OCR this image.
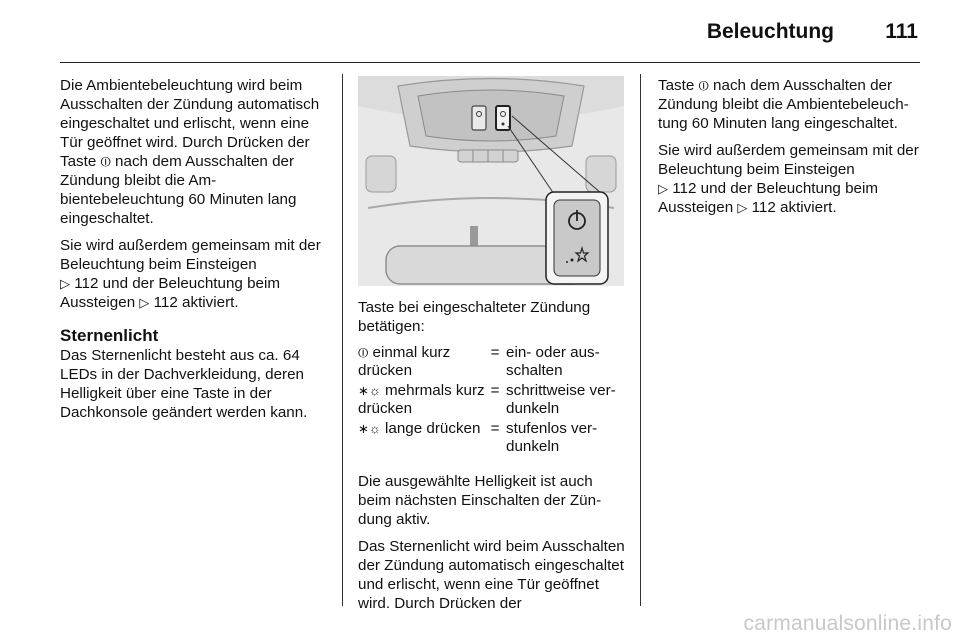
Beleuchtung 111

Die Ambientebeleuchtung wird beim Ausschalten der Zündung automatisch eingeschaltet und erlischt, wenn eine Tür geöffnet wird. Durch Drücken der Taste ⏼ nach dem Ausschalten der Zündung bleibt die Ambientebeleuchtung 60 Minuten lang eingeschaltet.

Sie wird außerdem gemeinsam mit der Beleuchtung beim Einsteigen
▷ 112 und der Beleuchtung beim Aussteigen ▷ 112 aktiviert.

Sternenlicht

Das Sternenlicht besteht aus ca. 64 LEDs in der Dachverkleidung, deren Helligkeit über eine Taste in der Dachkonsole geändert werden kann.

Taste bei eingeschalteter Zündung betätigen:

⏼ einmal kurz drücken	=	ein- oder ausschalten
∗☼ mehrmals kurz drücken	=	schrittweise verdunkeln
∗☼ lange drücken	=	stufenlos verdunkeln

Die ausgewählte Helligkeit ist auch beim nächsten Einschalten der Zündung aktiv.

Das Sternenlicht wird beim Ausschalten der Zündung automatisch eingeschaltet und erlischt, wenn eine Tür geöffnet wird. Durch Drücken der

Taste ⏼ nach dem Ausschalten der Zündung bleibt die Ambientebeleuchtung 60 Minuten lang eingeschaltet.

Sie wird außerdem gemeinsam mit der Beleuchtung beim Einsteigen
▷ 112 und der Beleuchtung beim Aussteigen ▷ 112 aktiviert.

carmanualsonline.info
